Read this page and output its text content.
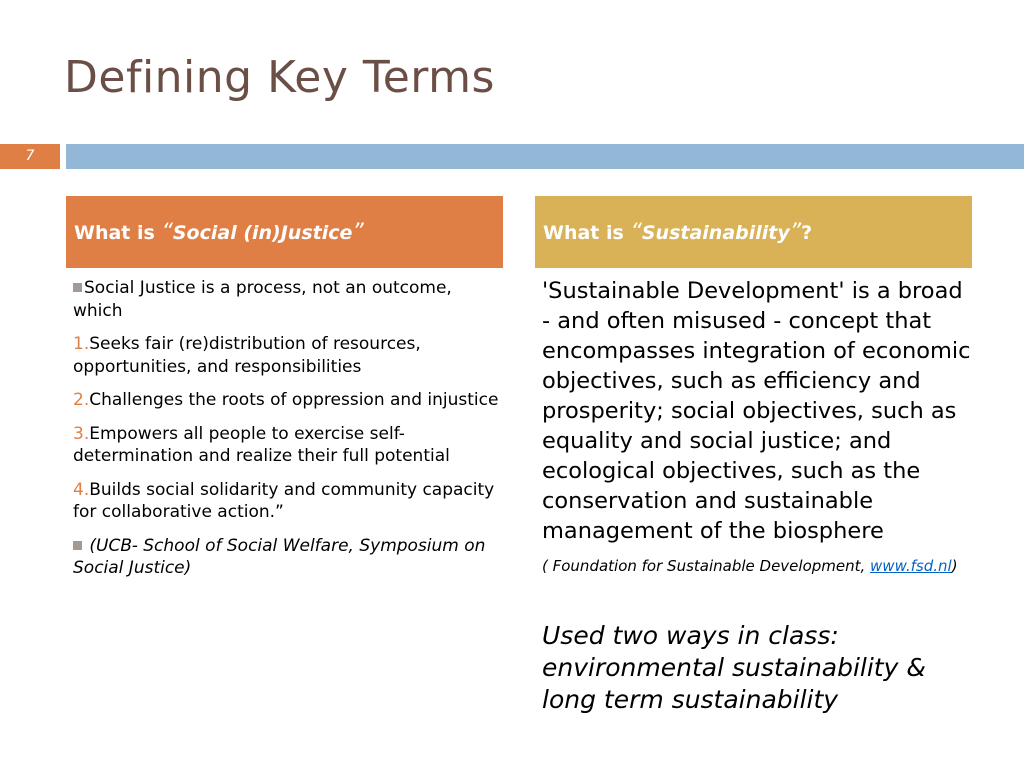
Defining Key Terms
7
What is “Social (in)Justice”	What is “Sustainability”?

Social Justice is a process, not an outcome, which

1.Seeks fair (re)distribution of resources, opportunities, and responsibilities

2.Challenges the roots of oppression and injustice

3.Empowers all people to exercise self-determination and realize their full potential

4.Builds social solidarity and community capacity for collaborative action.”

(UCB- School of Social Welfare, Symposium on Social Justice)

'Sustainable Development' is a broad - and often misused - concept that encompasses integration of economic objectives, such as efficiency and prosperity; social objectives, such as equality and social justice; and ecological objectives, such as the conservation and sustainable management of the biosphere

( Foundation for Sustainable Development, www.fsd.nl)

Used two ways in class: environmental sustainability & long term sustainability
